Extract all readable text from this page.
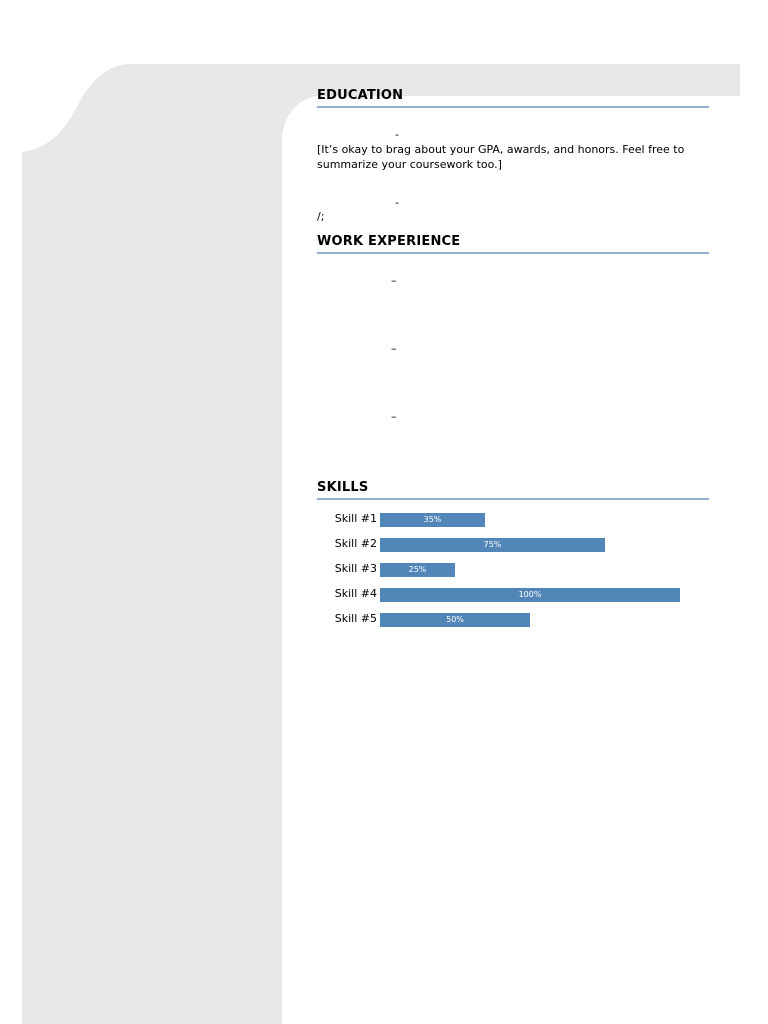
EDUCATION
-

[It’s okay to brag about your GPA, awards, and honors. Feel free to summarize your coursework too.]

-
/;
WORK EXPERIENCE
–
–
–
SKILLS
Skill #1	35%
Skill #2	75%
Skill #3	25%
Skill #4	100%
Skill #5	50%
